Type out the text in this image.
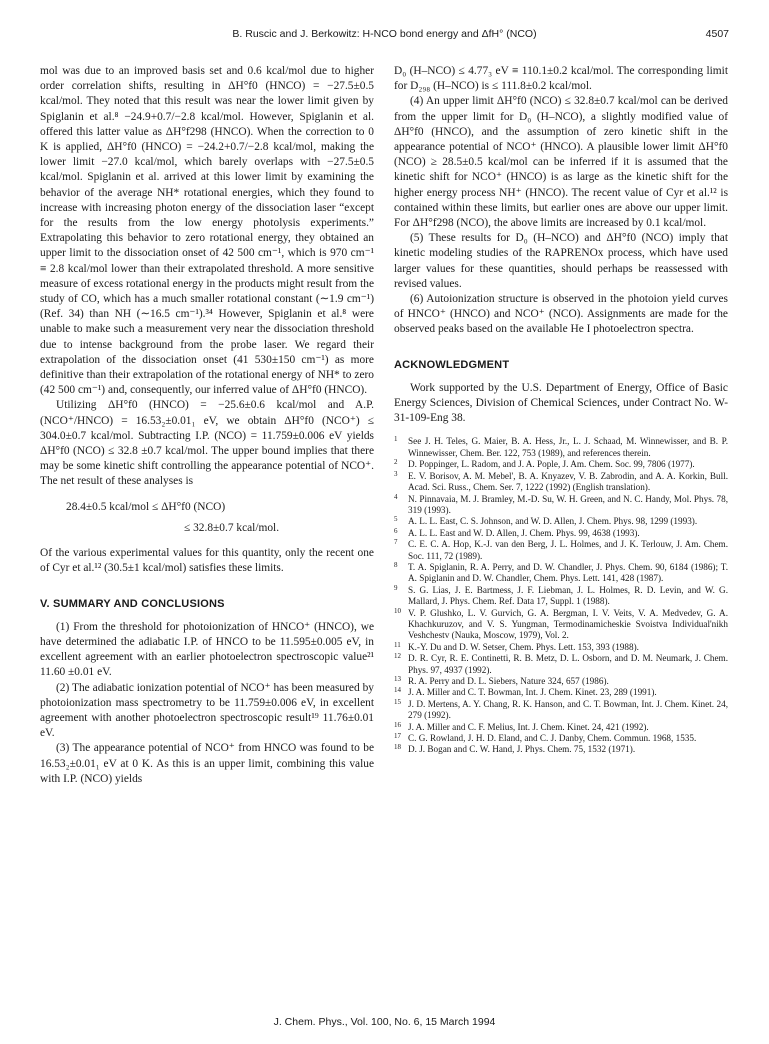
B. Ruscic and J. Berkowitz: H-NCO bond energy and ΔfH° (NCO)	4507

mol was due to an improved basis set and 0.6 kcal/mol due to higher order correlation shifts, resulting in ΔH°f0 (HNCO) = −27.5±0.5 kcal/mol. They noted that this result was near the lower limit given by Spiglanin et al.⁸ −24.9+0.7/−2.8 kcal/mol. However, Spiglanin et al. offered this latter value as ΔH°f298 (HNCO). When the correction to 0 K is applied, ΔH°f0 (HNCO) = −24.2+0.7/−2.8 kcal/mol, making the lower limit −27.0 kcal/mol, which barely overlaps with −27.5±0.5 kcal/mol. Spiglanin et al. arrived at this lower limit by examining the behavior of the average NH* rotational energies, which they found to increase with increasing photon energy of the dissociation laser “except for the results from the low energy photolysis experiments.” Extrapolating this behavior to zero rotational energy, they obtained an upper limit to the dissociation onset of 42 500 cm⁻¹, which is 970 cm⁻¹ ≡ 2.8 kcal/mol lower than their extrapolated threshold. A more sensitive measure of excess rotational energy in the products might result from the study of CO, which has a much smaller rotational constant (∼1.9 cm⁻¹) (Ref. 34) than NH (∼16.5 cm⁻¹).³⁴ However, Spiglanin et al.⁸ were unable to make such a measurement very near the dissociation threshold due to intense background from the probe laser. We regard their extrapolation of the dissociation onset (41 530±150 cm⁻¹) as more definitive than their extrapolation of the rotational energy of NH* to zero (42 500 cm⁻¹) and, consequently, our inferred value of ΔH°f0 (HNCO).

Utilizing ΔH°f0 (HNCO) = −25.6±0.6 kcal/mol and A.P. (NCO⁺/HNCO) = 16.53₂±0.01₁ eV, we obtain ΔH°f0 (NCO⁺) ≤ 304.0±0.7 kcal/mol. Subtracting I.P. (NCO) = 11.759±0.006 eV yields ΔH°f0 (NCO) ≤ 32.8 ±0.7 kcal/mol. The upper bound implies that there may be some kinetic shift controlling the appearance potential of NCO⁺. The net result of these analyses is

28.4±0.5 kcal/mol ≤ ΔH°f0 (NCO)
≤ 32.8±0.7 kcal/mol.

Of the various experimental values for this quantity, only the recent one of Cyr et al.¹² (30.5±1 kcal/mol) satisfies these limits.

V. SUMMARY AND CONCLUSIONS

(1) From the threshold for photoionization of HNCO⁺ (HNCO), we have determined the adiabatic I.P. of HNCO to be 11.595±0.005 eV, in excellent agreement with an earlier photoelectron spectroscopic value²¹ 11.60 ±0.01 eV.

(2) The adiabatic ionization potential of NCO⁺ has been measured by photoionization mass spectrometry to be 11.759±0.006 eV, in excellent agreement with another photoelectron spectroscopic result¹⁹ 11.76±0.01 eV.

(3) The appearance potential of NCO⁺ from HNCO was found to be 16.53₂±0.01₁ eV at 0 K. As this is an upper limit, combining this value with I.P. (NCO) yields

D₀ (H–NCO) ≤ 4.77₃ eV ≡ 110.1±0.2 kcal/mol. The corresponding limit for D₂₉₈ (H–NCO) is ≤ 111.8±0.2 kcal/mol.

(4) An upper limit ΔH°f0 (NCO) ≤ 32.8±0.7 kcal/mol can be derived from the upper limit for D₀ (H–NCO), a slightly modified value of ΔH°f0 (HNCO), and the assumption of zero kinetic shift in the appearance potential of NCO⁺ (HNCO). A plausible lower limit ΔH°f0 (NCO) ≥ 28.5±0.5 kcal/mol can be inferred if it is assumed that the kinetic shift for NCO⁺ (HNCO) is as large as the kinetic shift for the higher energy process NH⁺ (HNCO). The recent value of Cyr et al.¹² is contained within these limits, but earlier ones are above our upper limit. For ΔH°f298 (NCO), the above limits are increased by 0.1 kcal/mol.

(5) These results for D₀ (H–NCO) and ΔH°f0 (NCO) imply that kinetic modeling studies of the RAPRENOx process, which have used larger values for these quantities, should perhaps be reassessed with revised values.

(6) Autoionization structure is observed in the photoion yield curves of HNCO⁺ (HNCO) and NCO⁺ (NCO). Assignments are made for the observed peaks based on the available He I photoelectron spectra.

ACKNOWLEDGMENT

Work supported by the U.S. Department of Energy, Office of Basic Energy Sciences, Division of Chemical Sciences, under Contract No. W-31-109-Eng 38.

1 See J. H. Teles, G. Maier, B. A. Hess, Jr., L. J. Schaad, M. Winnewisser, and B. P. Winnewisser, Chem. Ber. 122, 753 (1989), and references therein.
2 D. Poppinger, L. Radom, and J. A. Pople, J. Am. Chem. Soc. 99, 7806 (1977).
3 E. V. Borisov, A. M. Mebel', B. A. Knyazev, V. B. Zabrodin, and A. A. Korkin, Bull. Acad. Sci. Russ., Chem. Ser. 7, 1222 (1992) (English translation).
4 N. Pinnavaia, M. J. Bramley, M.-D. Su, W. H. Green, and N. C. Handy, Mol. Phys. 78, 319 (1993).
5 A. L. L. East, C. S. Johnson, and W. D. Allen, J. Chem. Phys. 98, 1299 (1993).
6 A. L. L. East and W. D. Allen, J. Chem. Phys. 99, 4638 (1993).
7 C. E. C. A. Hop, K.-J. van den Berg, J. L. Holmes, and J. K. Terlouw, J. Am. Chem. Soc. 111, 72 (1989).
8 T. A. Spiglanin, R. A. Perry, and D. W. Chandler, J. Phys. Chem. 90, 6184 (1986); T. A. Spiglanin and D. W. Chandler, Chem. Phys. Lett. 141, 428 (1987).
9 S. G. Lias, J. E. Bartmess, J. F. Liebman, J. L. Holmes, R. D. Levin, and W. G. Mallard, J. Phys. Chem. Ref. Data 17, Suppl. 1 (1988).
10 V. P. Glushko, L. V. Gurvich, G. A. Bergman, I. V. Veits, V. A. Medvedev, G. A. Khachkuruzov, and V. S. Yungman, Termodinamicheskie Svoistva Individual'nikh Veshchestv (Nauka, Moscow, 1979), Vol. 2.
11 K.-Y. Du and D. W. Setser, Chem. Phys. Lett. 153, 393 (1988).
12 D. R. Cyr, R. E. Continetti, R. B. Metz, D. L. Osborn, and D. M. Neumark, J. Chem. Phys. 97, 4937 (1992).
13 R. A. Perry and D. L. Siebers, Nature 324, 657 (1986).
14 J. A. Miller and C. T. Bowman, Int. J. Chem. Kinet. 23, 289 (1991).
15 J. D. Mertens, A. Y. Chang, R. K. Hanson, and C. T. Bowman, Int. J. Chem. Kinet. 24, 279 (1992).
16 J. A. Miller and C. F. Melius, Int. J. Chem. Kinet. 24, 421 (1992).
17 C. G. Rowland, J. H. D. Eland, and C. J. Danby, Chem. Commun. 1968, 1535.
18 D. J. Bogan and C. W. Hand, J. Phys. Chem. 75, 1532 (1971).
J. Chem. Phys., Vol. 100, No. 6, 15 March 1994
